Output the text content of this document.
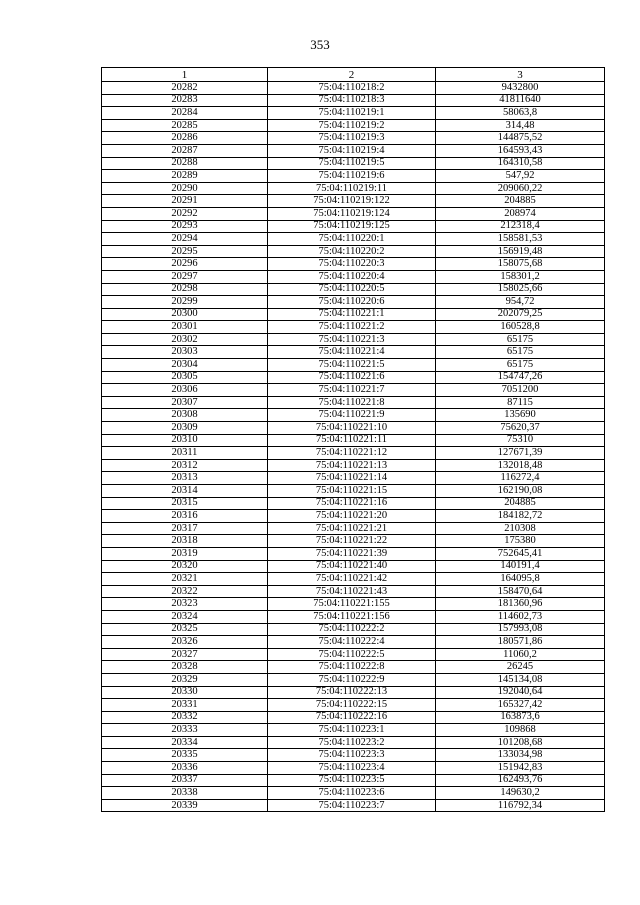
353
1	2	3
20282	75:04:110218:2	9432800
20283	75:04:110218:3	41811640
20284	75:04:110219:1	58063,8
20285	75:04:110219:2	314,48
20286	75:04:110219:3	144875,52
20287	75:04:110219:4	164593,43
20288	75:04:110219:5	164310,58
20289	75:04:110219:6	547,92
20290	75:04:110219:11	209060,22
20291	75:04:110219:122	204885
20292	75:04:110219:124	208974
20293	75:04:110219:125	212318,4
20294	75:04:110220:1	158581,53
20295	75:04:110220:2	156919,48
20296	75:04:110220:3	158075,68
20297	75:04:110220:4	158301,2
20298	75:04:110220:5	158025,66
20299	75:04:110220:6	954,72
20300	75:04:110221:1	202079,25
20301	75:04:110221:2	160528,8
20302	75:04:110221:3	65175
20303	75:04:110221:4	65175
20304	75:04:110221:5	65175
20305	75:04:110221:6	154747,26
20306	75:04:110221:7	7051200
20307	75:04:110221:8	87115
20308	75:04:110221:9	135690
20309	75:04:110221:10	75620,37
20310	75:04:110221:11	75310
20311	75:04:110221:12	127671,39
20312	75:04:110221:13	132018,48
20313	75:04:110221:14	116272,4
20314	75:04:110221:15	162190,08
20315	75:04:110221:16	204885
20316	75:04:110221:20	184182,72
20317	75:04:110221:21	210308
20318	75:04:110221:22	175380
20319	75:04:110221:39	752645,41
20320	75:04:110221:40	140191,4
20321	75:04:110221:42	164095,8
20322	75:04:110221:43	158470,64
20323	75:04:110221:155	181360,96
20324	75:04:110221:156	114602,73
20325	75:04:110222:2	157993,08
20326	75:04:110222:4	180571,86
20327	75:04:110222:5	11060,2
20328	75:04:110222:8	26245
20329	75:04:110222:9	145134,08
20330	75:04:110222:13	192040,64
20331	75:04:110222:15	165327,42
20332	75:04:110222:16	163873,6
20333	75:04:110223:1	109868
20334	75:04:110223:2	101208,68
20335	75:04:110223:3	133034,98
20336	75:04:110223:4	151942,83
20337	75:04:110223:5	162493,76
20338	75:04:110223:6	149630,2
20339	75:04:110223:7	116792,34
